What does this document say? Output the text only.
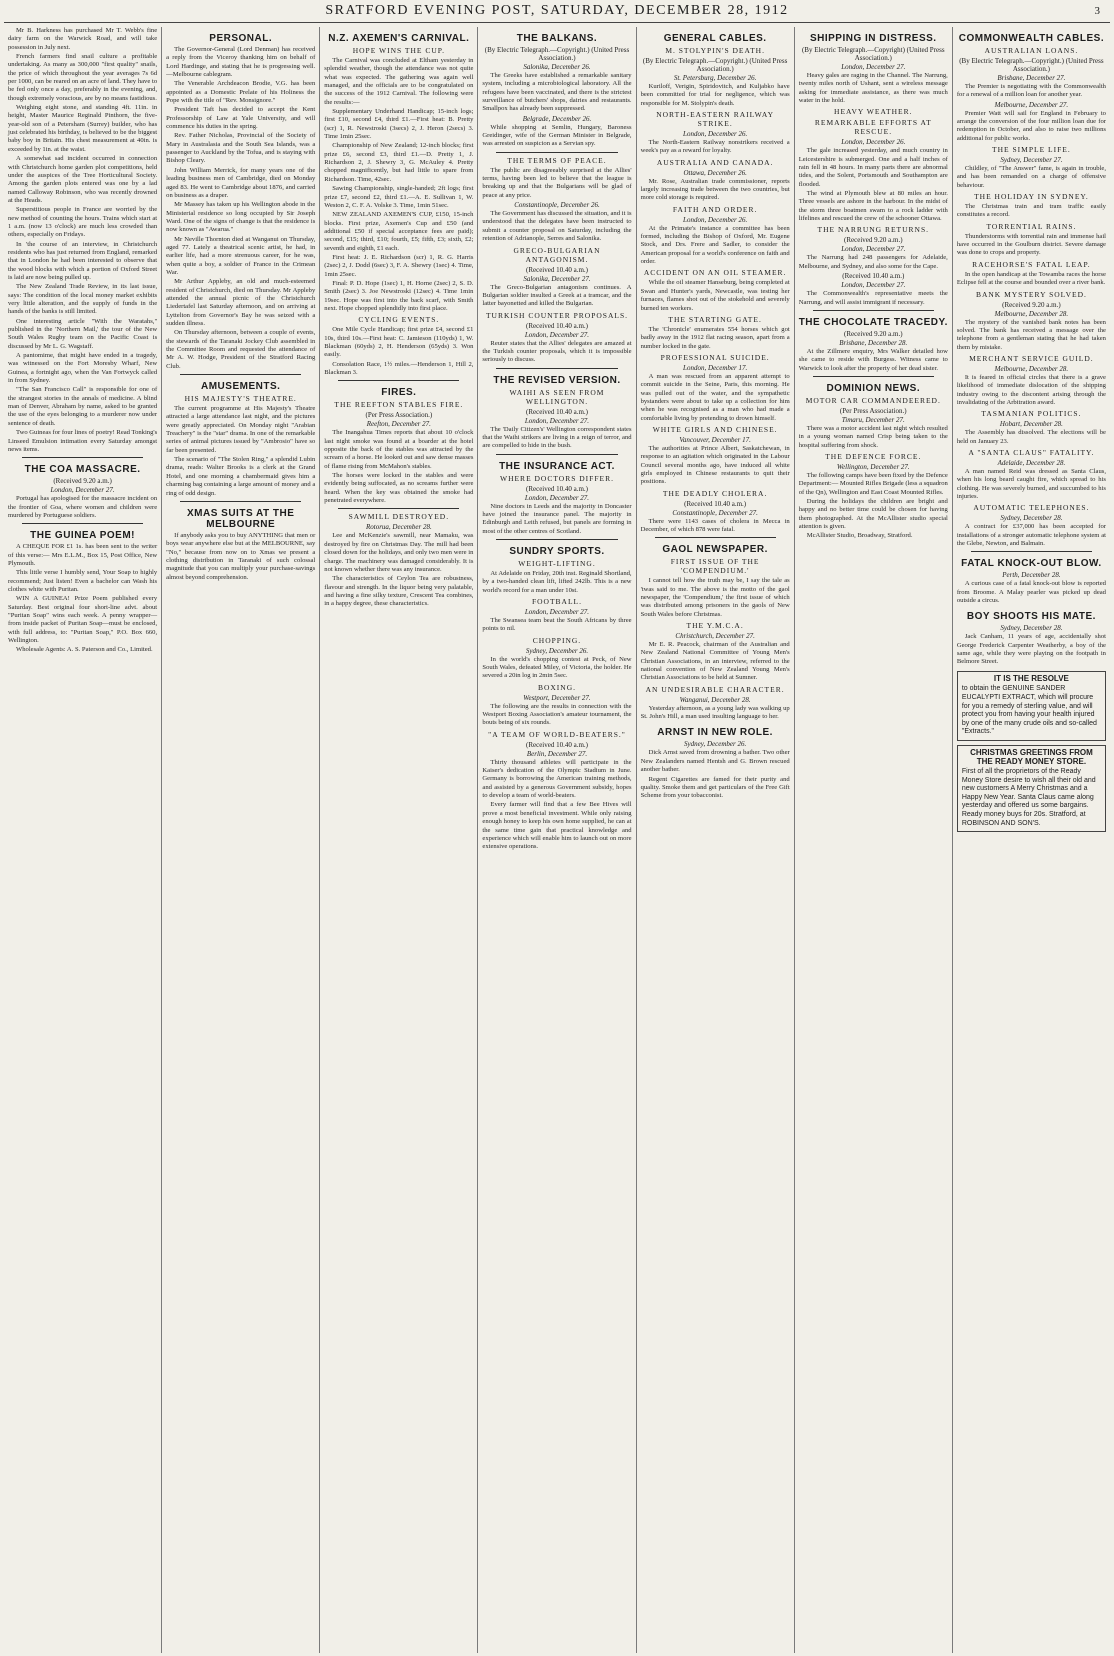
SRATFORD EVENING POST, SATURDAY, DECEMBER 28, 1912	3

Mr B. Harkness has purchased Mr T. Webb's fine dairy farm on the Warwick Road, and will take possession in July next.

French farmers find snail culture a profitable undertaking. As many as 300,000 "first quality" snails, the price of which throughout the year averages 7s 6d per 1000, can be reared on an acre of land. They have to be fed only once a day, preferably in the evening, and, though extremely voracious, are by no means fastidious.

Weighing eight stone, and standing 4ft. 11in. in height, Master Maurice Reginald Pinthorn, the five-year-old son of a Petersham (Surrey) builder, who has just celebrated his birthday, is believed to be the biggest baby boy in Britain. His chest measurement at 40in. is exceeded by 1in. at the waist.

A somewhat sad incident occurred in connection with Christchurch home garden plot competitions, held under the auspices of the Tree Horticultural Society. Among the garden plots entered was one by a lad named Calloway Robinson, who was recently drowned at the Heads.

Superstitious people in France are worried by the new method of counting the hours. Trains which start at 1 a.m. (now 13 o'clock) are much less crowded than others, especially on Fridays.

In 'the course of an interview, in Christchurch residents who has just returned from England, remarked that in London he had been interested to observe that the wood blocks with which a portion of Oxford Street is laid are now being pulled up.

The New Zealand Trade Review, in its last issue, says: The condition of the local money market exhibits very little alteration, and the supply of funds in the hands of the banks is still limited.

One interesting article "With the Waratahs," published in the 'Northern Mail,' the tour of the New South Wales Rugby team on the Pacific Coast is discussed by Mr L. G. Wagstaff.

A pantomime, that might have ended in a tragedy, was witnessed on the Fort Moresby Wharf, New Guinea, a fortnight ago, when the Van Fortwyck called in from Sydney.

"The San Francisco Call" is responsible for one of the strangest stories in the annals of medicine. A blind man of Denver, Abraham by name, asked to be granted the use of the eyes belonging to a murderer now under sentence of death.

Two Guineas for four lines of poetry! Read Tonking's Linseed Emulsion intimation every Saturday amongst news items.

THE COA MASSACRE.
(Received 9.20 a.m.)
London, December 27.

Portugal has apologised for the massacre incident on the frontier of Goa, where women and children were murdered by Portuguese soldiers.

THE GUINEA POEM!

A CHEQUE FOR £1 1s. has been sent to the writer of this verse:— Mrs E.L.M., Box 15, Post Office, New Plymouth.

This little verse I humbly send, Your Soap to highly recommend; Just listen! Even a bachelor can Wash his clothes white with Puritan.

WIN A GUINEA! Prize Poem published every Saturday. Best original four short-line advt. about "Puritan Soap" wins each week. A penny wrapper—from inside packet of Puritan Soap—must be enclosed, with full address, to: "Puritan Soap," P.O. Box 660, Wellington.

Wholesale Agents: A. S. Paterson and Co., Limited.

PERSONAL.

The Governor-General (Lord Denman) has received a reply from the Viceroy thanking him on behalf of Lord Hardinge, and stating that he is progressing well.—Melbourne cablegram.

The Venerable Archdeacon Brodie, V.G. has been appointed as a Domestic Prelate of his Holiness the Pope with the title of "Rev. Monsignore."

President Taft has decided to accept the Kent Professorship of Law at Yale University, and will commence his duties in the spring.

Rev. Father Nicholas, Provincial of the Society of Mary in Australasia and the South Sea Islands, was a passenger to Auckland by the Tofua, and is staying with Bishop Cleary.

John William Merrick, for many years one of the leading business men of Cambridge, died on Monday aged 83. He went to Cambridge about 1876, and carried on business as a draper.

Mr Massey has taken up his Wellington abode in the Ministerial residence so long occupied by Sir Joseph Ward. One of the signs of change is that the residence is now known as "Awarua."

Mr Neville Thornton died at Wanganui on Thursday, aged 77. Lately a theatrical scenic artist, he had, in earlier life, had a more strenuous career, for he was, when quite a boy, a soldier of France in the Crimean War.

Mr Arthur Appleby, an old and much-esteemed resident of Christchurch, died on Thursday. Mr Appleby attended the annual picnic of the Christchurch Liedertafel last Saturday afternoon, and on arriving at Lyttelton from Governor's Bay he was seized with a sudden illness.

On Thursday afternoon, between a couple of events, the stewards of the Taranaki Jockey Club assembled in the Committee Room and requested the attendance of Mr A. W. Hodge, President of the Stratford Racing Club.

AMUSEMENTS.
HIS MAJESTY'S THEATRE.

The current programme at His Majesty's Theatre attracted a large attendance last night, and the pictures were greatly appreciated. On Monday night "Arabian Treachery" is the "star" drama. In one of the remarkable series of animal pictures issued by "Ambrosio" have so far been presented.

The scenario of "The Stolen Ring," a splendid Lubin drama, reads: Walter Brooks is a clerk at the Grand Hotel, and one morning a chambermaid gives him a charming bag containing a large amount of money and a ring of odd design.

XMAS SUITS AT THE MELBOURNE

If anybody asks you to buy ANYTHING that men or boys wear anywhere else but at the MELBOURNE, say "No," because from now on to Xmas we present a clothing distribution in Taranaki of such colossal magnitude that you can multiply your purchase-savings almost beyond comprehension.

N.Z. AXEMEN'S CARNIVAL.
HOPE WINS THE CUP.

The Carnival was concluded at Eltham yesterday in splendid weather, though the attendance was not quite what was expected. The gathering was again well managed, and the officials are to be congratulated on the success of the 1912 Carnival. The following were the results:—

Supplementary Underhand Handicap; 15-inch logs; first £10, second £4, third £1.—First heat: B. Pretty (scr) 1, R. Newstroski (3secs) 2, J. Heron (2secs) 3. Time 1min 25sec.

Championship of New Zealand; 12-inch blocks; first prize £6, second £3, third £1.—D. Pretty 1, J. Richardson 2, J. Shewry 3, G. McAuley 4. Pretty chopped magnificently, but had little to spare from Richardson. Time, 42sec.

Sawing Championship, single-handed; 2ft logs; first prize £7, second £2, third £1.—A. E. Sullivan 1, W. Weston 2, C. F. A. Volske 3. Time, 1min 51sec.

NEW ZEALAND AXEMEN'S CUP, £150, 15-inch blocks. First prize, Axemen's Cup and £50 (and additional £50 if special acceptance fees are paid); second, £15; third, £10; fourth, £5; fifth, £3; sixth, £2; seventh and eighth, £1 each.

First heat: J. E. Richardson (scr) 1, R. G. Harris (2sec) 2, J. Dodd (6sec) 3, F. A. Shewry (1sec) 4. Time, 1min 25sec.

Final: P. D. Hope (1sec) 1, H. Horne (2sec) 2, S. D. Smith (2sec) 3. Joe Newstroski (12sec) 4. Time 1min 19sec. Hope was first into the back scarf, with Smith next. Hope chopped splendidly into first place.

CYCLING EVENTS.

One Mile Cycle Handicap; first prize £4, second £1 10s, third 10s.—First heat: C. Jamieson (110yds) 1, W. Blackman (60yds) 2, H. Henderson (65yds) 3. Won easily.

Consolation Race, 1½ miles.—Henderson 1, Hill 2, Blackman 3.

FIRES.
THE REEFTON STABLES FIRE.
(Per Press Association.)
Reefton, December 27.

The Inangahua Times reports that about 10 o'clock last night smoke was found at a boarder at the hotel opposite the back of the stables was attracted by the scream of a horse. He looked out and saw dense masses of flame rising from McMahon's stables.

The horses were locked in the stables and were evidently being suffocated, as no screams further were heard. When the key was obtained the smoke had penetrated everywhere.

SAWMILL DESTROYED.
Rotorua, December 28.

Lee and McKenzie's sawmill, near Mamaku, was destroyed by fire on Christmas Day. The mill had been closed down for the holidays, and only two men were in charge. The machinery was damaged considerably. It is not known whether there was any insurance.

The characteristics of Ceylon Tea are robustness, flavour and strength. In the liquor being very palatable, and having a fine silky texture, Crescent Tea combines, in a happy degree, these characteristics.

THE BALKANS.
(By Electric Telegraph.—Copyright.) (United Press Association.)
Salonika, December 26.

The Greeks have established a remarkable sanitary system, including a microbiological laboratory. All the refugees have been vaccinated, and there is the strictest surveillance of butchers' shops, dairies and restaurants. Smallpox has already been suppressed.

Belgrade, December 26.

While shopping at Semlin, Hungary, Baroness Greidinger, wife of the German Minister in Belgrade, was arrested on suspicion as a Servian spy.

THE TERMS OF PEACE.

The public are disagreeably surprised at the Allies' terms, having been led to believe that the league is breaking up and that the Bulgarians will be glad of peace at any price.

Constantinople, December 26.

The Government has discussed the situation, and it is understood that the delegates have been instructed to submit a counter proposal on Saturday, including the retention of Adrianople, Serres and Salonika.

GRECO-BULGARIAN ANTAGONISM.
(Received 10.40 a.m.)
Salonika, December 27.

The Greco-Bulgarian antagonism continues. A Bulgarian soldier insulted a Greek at a tramcar, and the latter bayonetted and killed the Bulgarian.

TURKISH COUNTER PROPOSALS.
(Received 10.40 a.m.)
London, December 27.

Reuter states that the Allies' delegates are amazed at the Turkish counter proposals, which it is impossible seriously to discuss.

THE REVISED VERSION.
WAIHI AS SEEN FROM WELLINGTON.
(Received 10.40 a.m.)
London, December 27.

The 'Daily Citizen's' Wellington correspondent states that the Waihi strikers are living in a reign of terror, and are compelled to hide in the bush.

THE INSURANCE ACT.
WHERE DOCTORS DIFFER.
(Received 10.40 a.m.)
London, December 27.

Nine doctors in Leeds and the majority in Doncaster have joined the insurance panel. The majority in Edinburgh and Leith refused, but panels are forming in most of the other centres of Scotland.

SUNDRY SPORTS.
WEIGHT-LIFTING.

At Adelaide on Friday, 20th inst. Reginald Shortland, by a two-handed clean lift, lifted 242lb. This is a new world's record for a man under 10st.

FOOTBALL.
London, December 27.

The Swansea team beat the South Africans by three points to nil.

CHOPPING.
Sydney, December 26.

In the world's chopping contest at Peck, of New South Wales, defeated Miley, of Victoria, the holder. He severed a 20in log in 2min 5sec.

BOXING.
Westport, December 27.

The following are the results in connection with the Westport Boxing Association's amateur tournament, the bouts being of six rounds.

"A TEAM OF WORLD-BEATERS."
(Received 10.40 a.m.)
Berlin, December 27.

Thirty thousand athletes will participate in the Kaiser's dedication of the Olympic Stadium in June. Germany is borrowing the American training methods, and assisted by a generous Government subsidy, hopes to develop a team of world-beaters.

Every farmer will find that a few Bee Hives will prove a most beneficial investment. While only raising enough honey to keep his own home supplied, he can at the same time gain that practical knowledge and experience which will enable him to launch out on more extensive operations.

GENERAL CABLES.
M. STOLYPIN'S DEATH.
(By Electric Telegraph.—Copyright.) (United Press Association.)
St. Petersburg, December 26.

Kuriloff, Verigin, Spiridovitch, and Kuljabko have been committed for trial for negligence, which was responsible for M. Stolypin's death.

NORTH-EASTERN RAILWAY STRIKE.
London, December 26.

The North-Eastern Railway nonstrikers received a week's pay as a reward for loyalty.

AUSTRALIA AND CANADA.
Ottawa, December 26.

Mr. Rose, Australian trade commissioner, reports largely increasing trade between the two countries, but more cold storage is required.

FAITH AND ORDER.
London, December 26.

At the Primate's instance a committee has been formed, including the Bishop of Oxford, Mr. Eugene Stock, and Drs. Frere and Sadler, to consider the American proposal for a world's conference on faith and order.

ACCIDENT ON AN OIL STEAMER.

While the oil steamer Hanseburg, being completed at Swan and Hunter's yards, Newcastle, was testing her furnaces, flames shot out of the stokehold and severely burned ten workers.

THE STARTING GATE.

The 'Chronicle' enumerates 554 horses which got badly away in the 1912 flat racing season, apart from a number locked in the gate.

PROFESSIONAL SUICIDE.
London, December 17.

A man was rescued from an apparent attempt to commit suicide in the Seine, Paris, this morning. He was pulled out of the water, and the sympathetic bystanders were about to take up a collection for him when he was recognised as a man who had made a comfortable living by pretending to drown himself.

WHITE GIRLS AND CHINESE.
Vancouver, December 17.

The authorities at Prince Albert, Saskatchewan, in response to an agitation which originated in the Labour Council several months ago, have induced all white girls employed in Chinese restaurants to quit their positions.

THE DEADLY CHOLERA.
(Received 10.40 a.m.)
Constantinople, December 27.

There were 1143 cases of cholera in Mecca in December, of which 878 were fatal.

GAOL NEWSPAPER.
FIRST ISSUE OF THE 'COMPENDIUM.'

I cannot tell how the truth may be, I say the tale as 'twas said to me. The above is the motto of the gaol newspaper, the 'Compendium,' the first issue of which was distributed among prisoners in the gaols of New South Wales before Christmas.

THE Y.M.C.A.
Christchurch, December 27.

Mr E. R. Peacock, chairman of the Australian and New Zealand National Committee of Young Men's Christian Associations, in an interview, referred to the national convention of New Zealand Young Men's Christian Associations to be held at Sumner.

AN UNDESIRABLE CHARACTER.
Wanganui, December 28.

Yesterday afternoon, as a young lady was walking up St. John's Hill, a man used insulting language to her.

ARNST IN NEW ROLE.
Sydney, December 26.

Dick Arnst saved from drowning a bather. Two other New Zealanders named Hentsh and G. Brown rescued another bather.

Regent Cigarettes are famed for their purity and quality. Smoke them and get particulars of the Free Gift Scheme from your tobacconist.

SHIPPING IN DISTRESS.
(By Electric Telegraph.—Copyright) (United Press Association.)
London, December 27.

Heavy gales are raging in the Channel. The Narrung, twenty miles north of Ushant, sent a wireless message asking for immediate assistance, as there was much water in the hold.

HEAVY WEATHER.
REMARKABLE EFFORTS AT RESCUE.
London, December 26.

The gale increased yesterday, and much country in Leicestershire is submerged. One and a half inches of rain fell in 48 hours. In many parts there are abnormal tides, and the Solent, Portsmouth and Southampton are flooded.

The wind at Plymouth blew at 80 miles an hour. Three vessels are ashore in the harbour. In the midst of the storm three boatmen swam to a rock ladder with lifelines and rescued the crew of the schooner Ottawa.

THE NARRUNG RETURNS.
(Received 9.20 a.m.)
London, December 27.

The Narrung had 248 passengers for Adelaide, Melbourne, and Sydney, and also some for the Cape.

(Received 10.40 a.m.)
London, December 27.

The Commonwealth's representative meets the Narrung, and will assist immigrant if necessary.

THE CHOCOLATE TRACEDY.
(Received 9.20 a.m.)
Brisbane, December 28.

At the Zillmere enquiry, Mrs Walker detailed how she came to reside with Burgess. Witness came to Warwick to look after the property of her dead sister.

DOMINION NEWS.
MOTOR CAR COMMANDEERED.
(Per Press Association.)
Timaru, December 27.

There was a motor accident last night which resulted in a young woman named Crisp being taken to the hospital suffering from shock.

THE DEFENCE FORCE.
Wellington, December 27.

The following camps have been fixed by the Defence Department:— Mounted Rifles Brigade (less a squadron of the Qn), Wellington and East Coast Mounted Rifles.

During the holidays the children are bright and happy and no better time could be chosen for having them photographed. At the McAllister studio special attention is given.

McAllister Studio, Broadway, Stratford.

COMMONWEALTH CABLES.
AUSTRALIAN LOANS.
(By Electric Telegraph.—Copyright.) (United Press Association.)
Brisbane, December 27.

The Premier is negotiating with the Commonwealth for a renewal of a million loan for another year.

Melbourne, December 27.

Premier Watt will sail for England in February to arrange the conversion of the four million loan due for redemption in October, and also to raise two millions additional for public works.

THE SIMPLE LIFE.
Sydney, December 27.

Childley, of "The Answer" fame, is again in trouble, and has been remanded on a charge of offensive behaviour.

THE HOLIDAY IN SYDNEY.

The Christmas train and tram traffic easily constitutes a record.

TORRENTIAL RAINS.

Thunderstorms with torrential rain and immense hail have occurred in the Goulburn district. Severe damage was done to crops and property.

RACEHORSE'S FATAL LEAP.

In the open handicap at the Towamba races the horse Eclipse fell at the course and bounded over a river bank.

BANK MYSTERY SOLVED.
(Received 9.20 a.m.)
Melbourne, December 28.

The mystery of the vanished bank notes has been solved. The bank has received a message over the telephone from a gentleman stating that he had taken them by mistake.

MERCHANT SERVICE GUILD.
Melbourne, December 28.

It is feared in official circles that there is a grave likelihood of immediate dislocation of the shipping industry owing to the discontent arising through the invalidating of the Arbitration award.

TASMANIAN POLITICS.
Hobart, December 28.

The Assembly has dissolved. The elections will be held on January 23.

A "SANTA CLAUS" FATALITY.
Adelaide, December 28.

A man named Reid was dressed as Santa Claus, when his long beard caught fire, which spread to his clothing. He was severely burned, and succumbed to his injuries.

AUTOMATIC TELEPHONES.
Sydney, December 28.

A contract for £37,000 has been accepted for installations of a stronger automatic telephone system at the Glebe, Newton, and Balmain.

FATAL KNOCK-OUT BLOW.
Perth, December 28.

A curious case of a fatal knock-out blow is reported from Broome. A Malay pearler was picked up dead outside a circus.

BOY SHOOTS HIS MATE.
Sydney, December 28.

Jack Canham, 11 years of age, accidentally shot George Frederick Carpenter Weatherby, a boy of the same age, while they were playing on the footpath in Belmore Street.

IT IS THE RESOLVE
to obtain the GENUINE SANDER EUCALYPTI EXTRACT, which will procure for you a remedy of sterling value, and will protect you from having your health injured by one of the many crude oils and so-called "Extracts."
CHRISTMAS GREETINGS FROM THE READY MONEY STORE.
First of all the proprietors of the Ready Money Store desire to wish all their old and new customers A Merry Christmas and a Happy New Year. Santa Claus came along yesterday and offered us some bargains. Ready money buys for 20s. Stratford, at ROBINSON AND SON'S.
